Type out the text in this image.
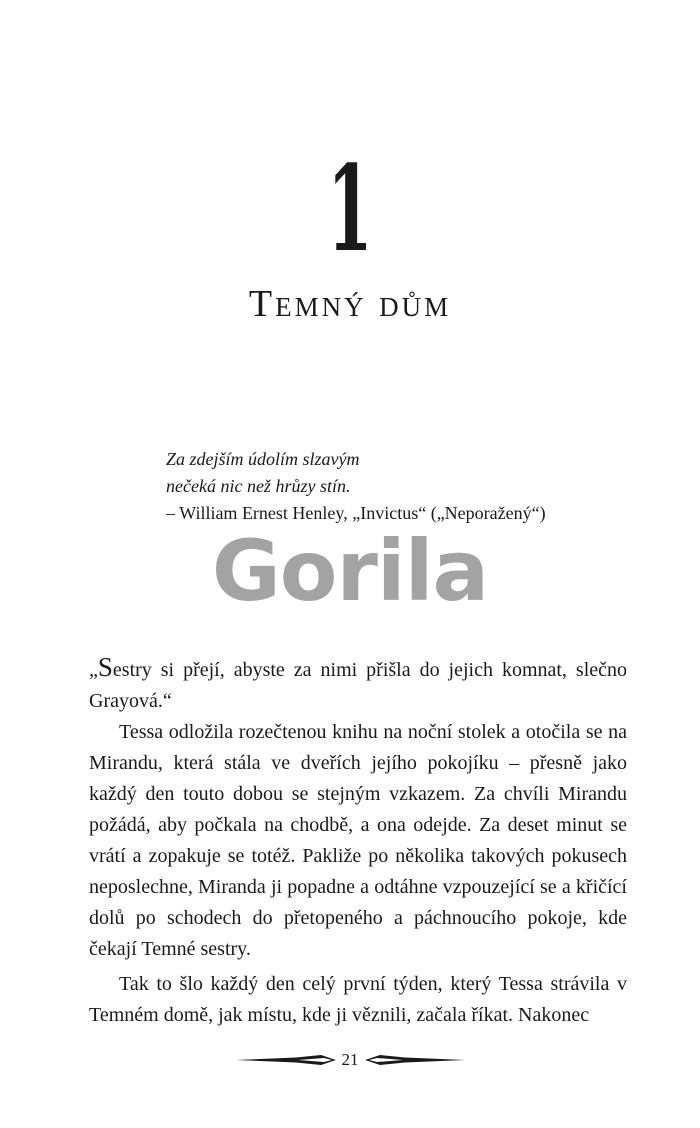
1
Temný dům
Za zdejším údolím slzavým
nečeká nic než hrůzy stín.
– William Ernest Henley, „Invictus“ („Neporažený“)
Gorila

„Sestry si přejí, abyste za nimi přišla do jejich komnat, slečno Grayová.“

Tessa odložila rozečtenou knihu na noční stolek a otočila se na Mirandu, která stála ve dveřích jejího pokojíku – přesně jako každý den touto dobou se stejným vzkazem. Za chvíli Mirandu požádá, aby počkala na chodbě, a ona odejde. Za deset minut se vrátí a zopakuje se totéž. Pakliže po několika takových pokusech neposlechne, Miranda ji popadne a odtáhne vzpouzející se a křičící dolů po schodech do přetopeného a páchnoucího pokoje, kde čekají Temné sestry.

Tak to šlo každý den celý první týden, který Tessa strávila v Temném domě, jak místu, kde ji věznili, začala říkat. Nakonec

21
